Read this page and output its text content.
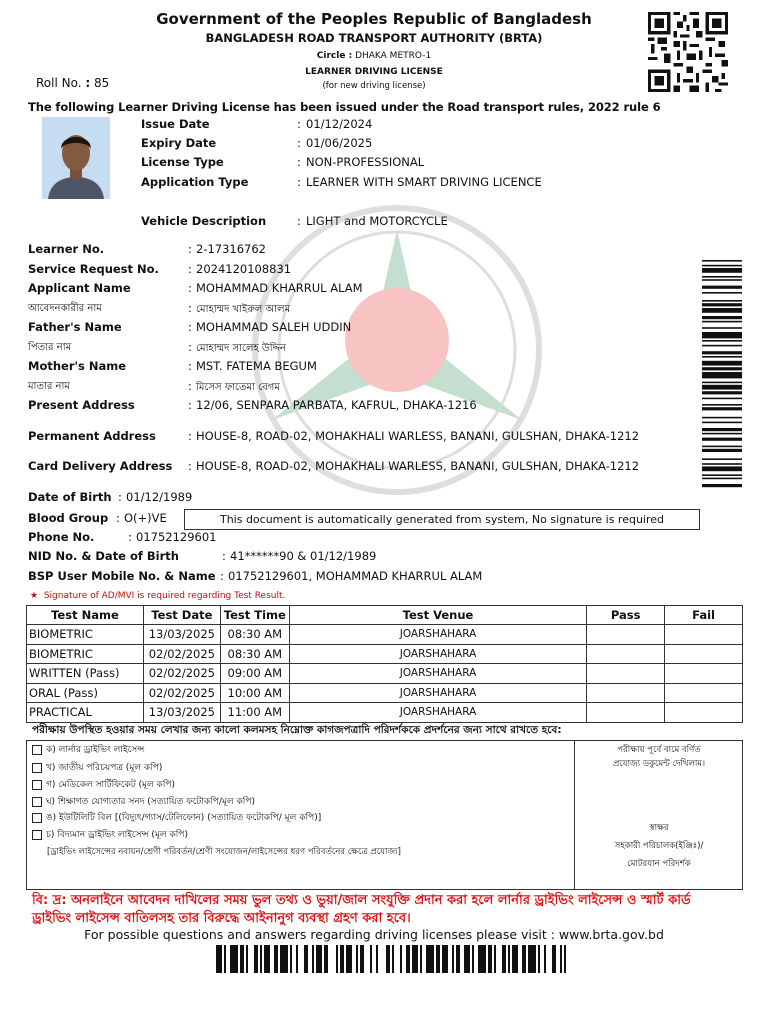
Government of the Peoples Republic of Bangladesh
BANGLADESH ROAD TRANSPORT AUTHORITY (BRTA)
Circle : DHAKA METRO-1
LEARNER DRIVING LICENSE
(for new driving license)
Roll No. : 85
The following Learner Driving License has been issued under the Road transport rules, 2022 rule 6
Issue Date	: 01/12/2024
Expiry Date	: 01/06/2025
License Type	: NON-PROFESSIONAL
Application Type	: LEARNER WITH SMART DRIVING LICENCE
Vehicle Description	: LIGHT and MOTORCYCLE
Learner No.	: 2-17316762
Service Request No.	: 2024120108831
Applicant Name	: MOHAMMAD KHARRUL ALAM
আবেদনকারীর নাম	: মোহাম্মদ খাইরুল আলম
Father's Name	: MOHAMMAD SALEH UDDIN
পিতার নাম	: মোহাম্মদ সালেহ উদ্দিন
Mother's Name	: MST. FATEMA BEGUM
মাতার নাম	: মিসেস ফাতেমা বেগম
Present Address	: 12/06, SENPARA PARBATA, KAFRUL, DHAKA-1216
Permanent Address	: HOUSE-8, ROAD-02, MOHAKHALI WARLESS, BANANI, GULSHAN, DHAKA-1212
Card Delivery Address : HOUSE-8, ROAD-02, MOHAKHALI WARLESS, BANANI, GULSHAN, DHAKA-1212
Date of Birth : 01/12/1989
Blood Group : O(+)VE	This document is automatically generated from system, No signature is required
Phone No.	: 01752129601
NID No. & Date of Birth	: 41******90 & 01/12/1989
BSP User Mobile No. & Name : 01752129601, MOHAMMAD KHARRUL ALAM
★ Signature of AD/MVI is required regarding Test Result.
Test Name	Test Date	Test Time	Test Venue	Pass	Fail
BIOMETRIC	13/03/2025	08:30 AM	JOARSHAHARA		
BIOMETRIC	02/02/2025	08:30 AM	JOARSHAHARA		
WRITTEN (Pass)	02/02/2025	09:00 AM	JOARSHAHARA		
ORAL (Pass)	02/02/2025	10:00 AM	JOARSHAHARA		
PRACTICAL	13/03/2025	11:00 AM	JOARSHAHARA		
পরীক্ষায় উপস্থিত হওয়ার সময় লেখার জন্য কালো কলমসহ নিম্নোক্ত কাগজপত্রাদি পরিদর্শককে প্রদর্শনের জন্য সাথে রাখতে হবে:
ক) লার্নার ড্রাইভিং লাইসেন্স
খ) জাতীয় পরিচয়পত্র (মূল কপি)
গ) মেডিকেল সার্টিফিকেট (মূল কপি)
ঘ) শিক্ষাগত যোগ্যতার সনদ (সত্যায়িত ফটোকপি/মূল কপি)
ঙ) ইউটিলিটি বিল [(বিদ্যুৎ/গ্যাস/টেলিফোন) (সত্যায়িত ফটোকপি/ মূল কপি)]
চ) বিদ্যমান ড্রাইভিং লাইসেন্স (মূল কপি)
[ড্রাইভিং লাইসেন্সের নবায়ন/শ্রেণী পরিবর্তন/শ্রেণী সংযোজন/লাইসেন্সের ধরণ পরিবর্তনের ক্ষেত্রে প্রযোজ্য]
পরীক্ষায় পূর্বে বামে বর্ণিত
প্রযোজ্য ডকুমেন্ট দেখিলাম।
স্বাক্ষর
সহকারী পরিচালক(ইঞ্জিঃ)/
মোটরযান পরিদর্শক
বি: দ্র: অনলাইনে আবেদন দাখিলের সময় ভুল তথ্য ও ভুয়া/জাল সংযুক্তি প্রদান করা হলে লার্নার ড্রাইভিং লাইসেন্স ও স্মার্ট কার্ড
ড্রাইভিং লাইসেন্স বাতিলসহ তার বিরুদ্ধে আইনানুগ ব্যবস্থা গ্রহণ করা হবে।
For possible questions and answers regarding driving licenses please visit : www.brta.gov.bd
